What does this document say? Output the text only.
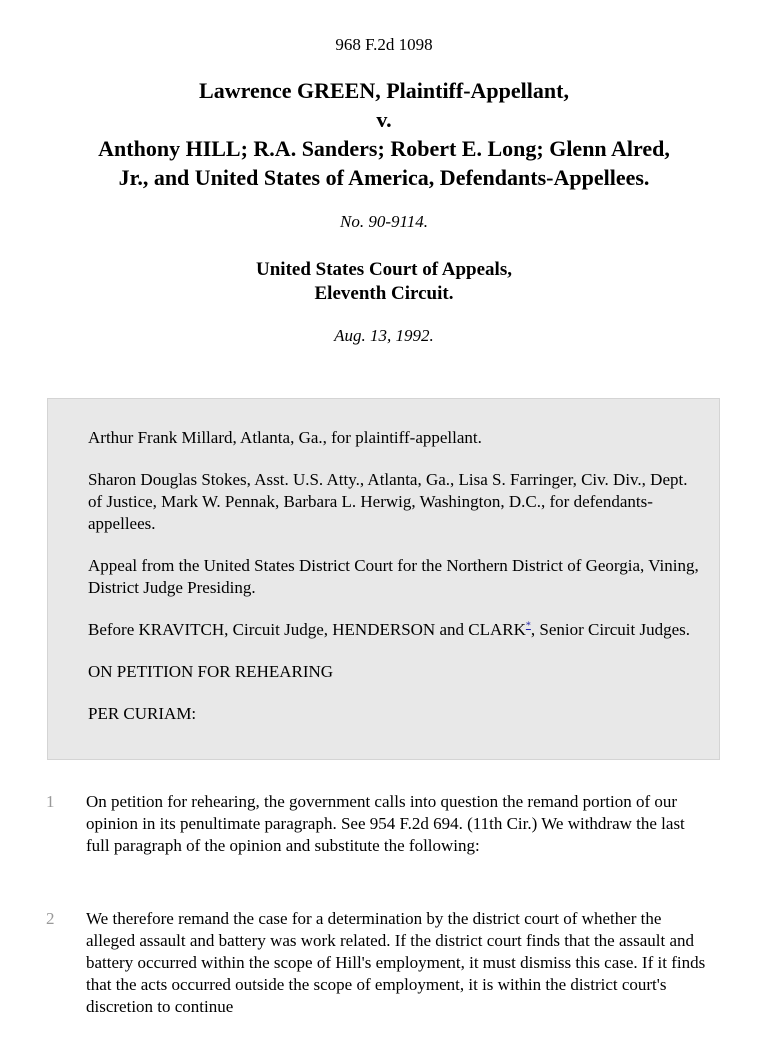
968 F.2d 1098
Lawrence GREEN, Plaintiff-Appellant,
v.
Anthony HILL; R.A. Sanders; Robert E. Long; Glenn Alred,
Jr., and United States of America, Defendants-Appellees.
No. 90-9114.
United States Court of Appeals,
Eleventh Circuit.
Aug. 13, 1992.

Arthur Frank Millard, Atlanta, Ga., for plaintiff-appellant.

Sharon Douglas Stokes, Asst. U.S. Atty., Atlanta, Ga., Lisa S. Farringer, Civ. Div., Dept. of Justice, Mark W. Pennak, Barbara L. Herwig, Washington, D.C., for defendants-appellees.

Appeal from the United States District Court for the Northern District of Georgia, Vining, District Judge Presiding.

Before KRAVITCH, Circuit Judge, HENDERSON and CLARK*, Senior Circuit Judges.

ON PETITION FOR REHEARING

PER CURIAM:

1 On petition for rehearing, the government calls into question the remand portion of our opinion in its penultimate paragraph. See 954 F.2d 694. (11th Cir.) We withdraw the last full paragraph of the opinion and substitute the following:

2 We therefore remand the case for a determination by the district court of whether the alleged assault and battery was work related. If the district court finds that the assault and battery occurred within the scope of Hill's employment, it must dismiss this case. If it finds that the acts occurred outside the scope of employment, it is within the district court's discretion to continue
